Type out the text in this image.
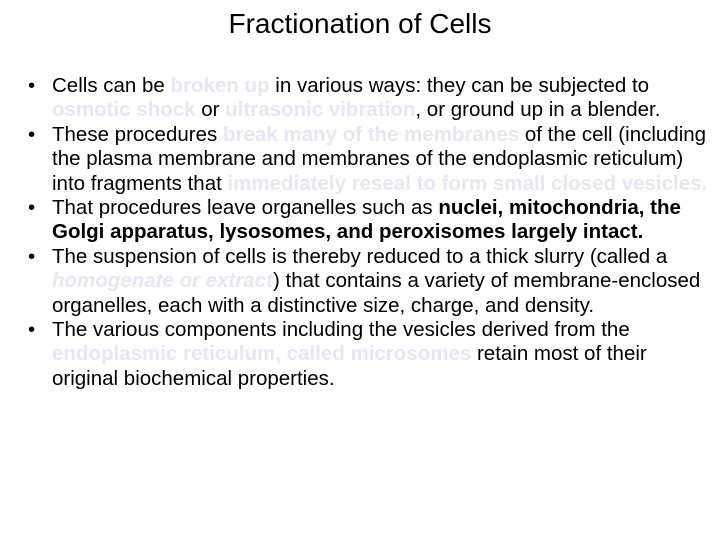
Fractionation of Cells
• Cells can be broken up in various ways: they can be subjected to osmotic shock or ultrasonic vibration, or ground up in a blender.
• These procedures break many of the membranes of the cell (including the plasma membrane and membranes of the endoplasmic reticulum) into fragments that immediately reseal to form small closed vesicles.
• That procedures leave organelles such as nuclei, mitochondria, the Golgi apparatus, lysosomes, and peroxisomes largely intact.
• The suspension of cells is thereby reduced to a thick slurry (called a homogenate or extract) that contains a variety of membrane-enclosed organelles, each with a distinctive size, charge, and density.
• The various components including the vesicles derived from the endoplasmic reticulum, called microsomes retain most of their original biochemical properties.
